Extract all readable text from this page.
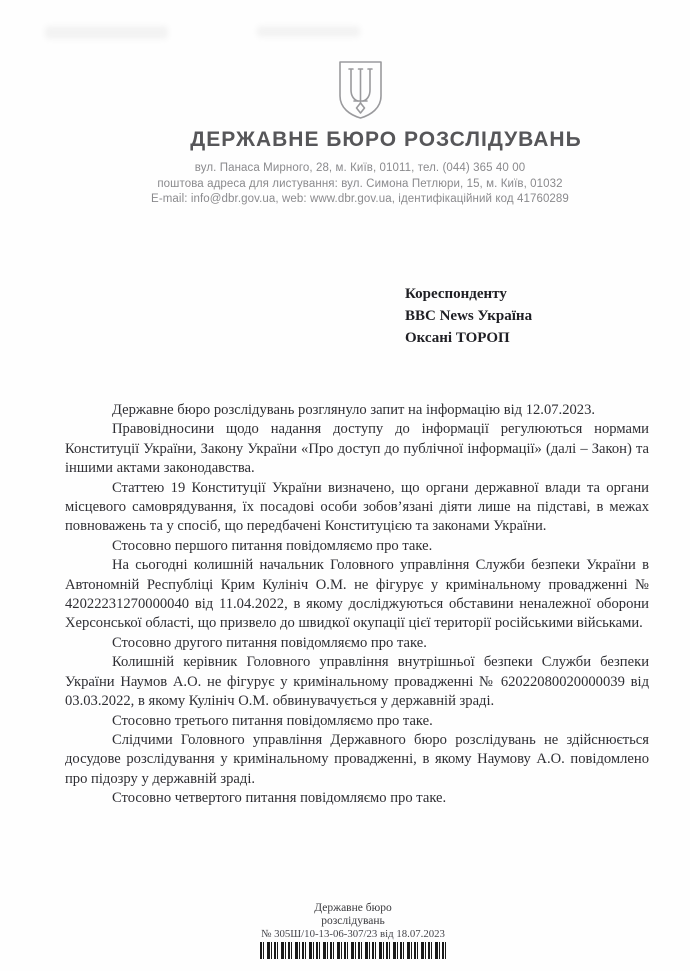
ДЕРЖАВНЕ БЮРО РОЗСЛІДУВАНЬ
вул. Панаса Мирного, 28, м. Київ, 01011, тел. (044) 365 40 00
поштова адреса для листування: вул. Симона Петлюри, 15, м. Київ, 01032
E-mail: info@dbr.gov.ua, web: www.dbr.gov.ua, ідентифікаційний код 41760289
Кореспонденту
BBC News Україна
Оксані ТОРОП

Державне бюро розслідувань розглянуло запит на інформацію від 12.07.2023.

Правовідносини щодо надання доступу до інформації регулюються нормами Конституції України, Закону України «Про доступ до публічної інформації» (далі – Закон) та іншими актами законодавства.

Статтею 19 Конституції України визначено, що органи державної влади та органи місцевого самоврядування, їх посадові особи зобов’язані діяти лише на підставі, в межах повноважень та у спосіб, що передбачені Конституцією та законами України.

Стосовно першого питання повідомляємо про таке.

На сьогодні колишній начальник Головного управління Служби безпеки України в Автономній Республіці Крим Кулініч О.М. не фігурує у кримінальному провадженні № 42022231270000040 від 11.04.2022, в якому досліджуються обставини неналежної оборони Херсонської області, що призвело до швидкої окупації цієї території російськими військами.

Стосовно другого питання повідомляємо про таке.

Колишній керівник Головного управління внутрішньої безпеки Служби безпеки України Наумов А.О. не фігурує у кримінальному провадженні № 62022080020000039 від 03.03.2022, в якому Кулініч О.М. обвинувачується у державній зраді.

Стосовно третього питання повідомляємо про таке.

Слідчими Головного управління Державного бюро розслідувань не здійснюється досудове розслідування у кримінальному провадженні, в якому Наумову А.О. повідомлено про підозру у державній зраді.

Стосовно четвертого питання повідомляємо про таке.

Державне бюро
розслідувань
№ 305Ш/10-13-06-307/23 від 18.07.2023
